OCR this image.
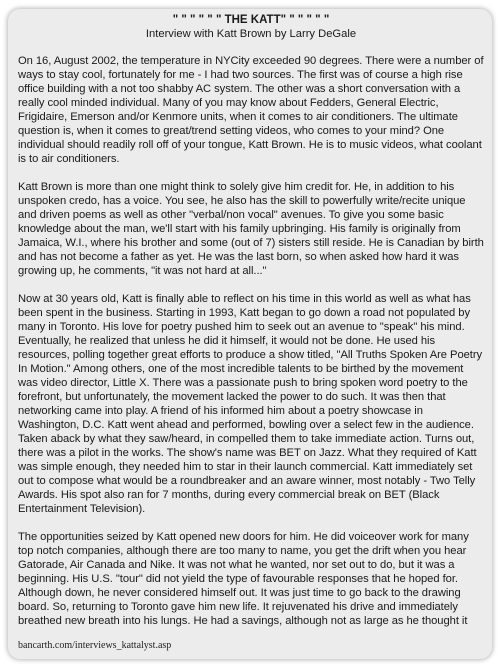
" " " " " " THE KATT" " " " " "

Interview with Katt Brown by Larry DeGale

On 16, August 2002, the temperature in NYCity exceeded 90 degrees. There were a number of ways to stay cool, fortunately for me - I had two sources. The first was of course a high rise office building with a not too shabby AC system. The other was a short conversation with a really cool minded individual. Many of you may know about Fedders, General Electric, Frigidaire, Emerson and/or Kenmore units, when it comes to air conditioners. The ultimate question is, when it comes to great/trend setting videos, who comes to your mind? One individual should readily roll off of your tongue, Katt Brown. He is to music videos, what coolant is to air conditioners.

Katt Brown is more than one might think to solely give him credit for. He, in addition to his unspoken credo, has a voice. You see, he also has the skill to powerfully write/recite unique and driven poems as well as other "verbal/non vocal" avenues. To give you some basic knowledge about the man, we'll start with his family upbringing. His family is originally from Jamaica, W.I., where his brother and some (out of 7) sisters still reside. He is Canadian by birth and has not become a father as yet. He was the last born, so when asked how hard it was growing up, he comments, "it was not hard at all..."

Now at 30 years old, Katt is finally able to reflect on his time in this world as well as what has been spent in the business. Starting in 1993, Katt began to go down a road not populated by many in Toronto. His love for poetry pushed him to seek out an avenue to "speak" his mind. Eventually, he realized that unless he did it himself, it would not be done. He used his resources, polling together great efforts to produce a show titled, "All Truths Spoken Are Poetry In Motion." Among others, one of the most incredible talents to be birthed by the movement was video director, Little X. There was a passionate push to bring spoken word poetry to the forefront, but unfortunately, the movement lacked the power to do such. It was then that networking came into play. A friend of his informed him about a poetry showcase in Washington, D.C. Katt went ahead and performed, bowling over a select few in the audience. Taken aback by what they saw/heard, in compelled them to take immediate action. Turns out, there was a pilot in the works. The show's name was BET on Jazz. What they required of Katt was simple enough, they needed him to star in their launch commercial. Katt immediately set out to compose what would be a roundbreaker and an aware winner, most notably - Two Telly Awards. His spot also ran for 7 months, during every commercial break on BET (Black Entertainment Television).

The opportunities seized by Katt opened new doors for him. He did voiceover work for many top notch companies, although there are too many to name, you get the drift when you hear Gatorade, Air Canada and Nike. It was not what he wanted, nor set out to do, but it was a beginning. His U.S. "tour" did not yield the type of favourable responses that he hoped for. Although down, he never considered himself out. It was just time to go back to the drawing board. So, returning to Toronto gave him new life. It rejuvenated his drive and immediately breathed new breath into his lungs. He had a savings, although not as large as he thought it

bancarth.com/interviews_kattalyst.asp
